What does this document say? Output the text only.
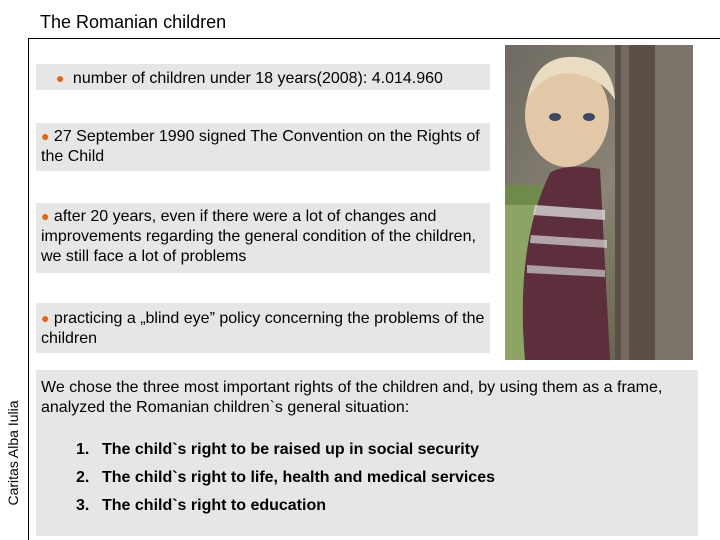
The Romanian children
Caritas Alba Iulia
● number of children under 18 years(2008): 4.014.960
● 27 September 1990 signed The Convention on the Rights of the Child
● after 20 years, even if there were a lot of changes and improvements regarding the general condition of the children, we still face a lot of problems
● practicing a „blind eye” policy concerning the problems of the children
We chose the three most important rights of the children and, by using them as a frame, analyzed the Romanian children`s general situation:
1. The child`s right to be raised up in social security
2. The child`s right to life, health and medical services
3. The child`s right to education
